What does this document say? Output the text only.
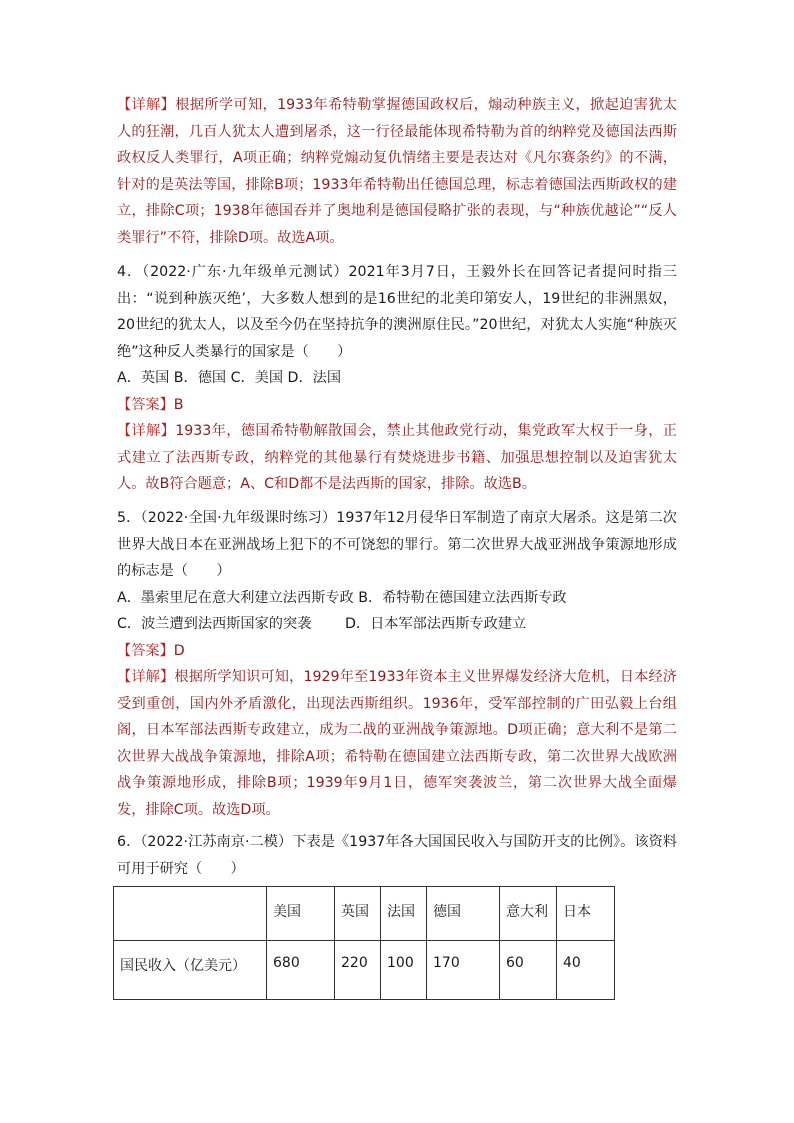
【详解】根据所学可知，1933年希特勒掌握德国政权后，煽动种族主义，掀起迫害犹太人的狂潮，几百人犹太人遭到屠杀，这一行径最能体现希特勒为首的纳粹党及德国法西斯政权反人类罪行，A项正确；纳粹党煽动复仇情绪主要是表达对《凡尔赛条约》的不满，针对的是英法等国，排除B项；1933年希特勒出任德国总理，标志着德国法西斯政权的建立，排除C项；1938年德国吞并了奥地利是德国侵略扩张的表现，与“种族优越论”“反人类罪行”不符，排除D项。故选A项。

4．（2022·广东·九年级单元测试）2021年3月7日，王毅外长在回答记者提问时指三出：“说到种族灭绝’，大多数人想到的是16世纪的北美印第安人，19世纪的非洲黑奴，20世纪的犹太人，以及至今仍在坚持抗争的澳洲原住民。”20世纪，对犹太人实施“种族灭绝”这种反人类暴行的国家是（　　）

A．英国 B．德国 C．美国 D．法国

【答案】B

【详解】1933年，德国希特勒解散国会，禁止其他政党行动，集党政军大权于一身，正式建立了法西斯专政，纳粹党的其他暴行有焚烧进步书籍、加强思想控制以及迫害犹太人。故B符合题意；A、C和D都不是法西斯的国家，排除。故选B。

5．（2022·全国·九年级课时练习）1937年12月侵华日军制造了南京大屠杀。这是第二次世界大战日本在亚洲战场上犯下的不可饶恕的罪行。第二次世界大战亚洲战争策源地形成的标志是（　　）

A．墨索里尼在意大利建立法西斯专政 B．希特勒在德国建立法西斯专政

C．波兰遭到法西斯国家的突袭	D．日本军部法西斯专政建立

【答案】D

【详解】根据所学知识可知，1929年至1933年资本主义世界爆发经济大危机，日本经济受到重创，国内外矛盾激化，出现法西斯组织。1936年，受军部控制的广田弘毅上台组阁，日本军部法西斯专政建立，成为二战的亚洲战争策源地。D项正确；意大利不是第二次世界大战战争策源地，排除A项；希特勒在德国建立法西斯专政，第二次世界大战欧洲战争策源地形成，排除B项；1939年9月1日，德军突袭波兰，第二次世界大战全面爆发，排除C项。故选D项。

6．（2022·江苏南京·二模）下表是《1937年各大国国民收入与国防开支的比例》。该资料可用于研究（　　）

	美国	英国	法国	德国	意大利	日本
国民收入（亿美元）	680	220	100	170	60	40
